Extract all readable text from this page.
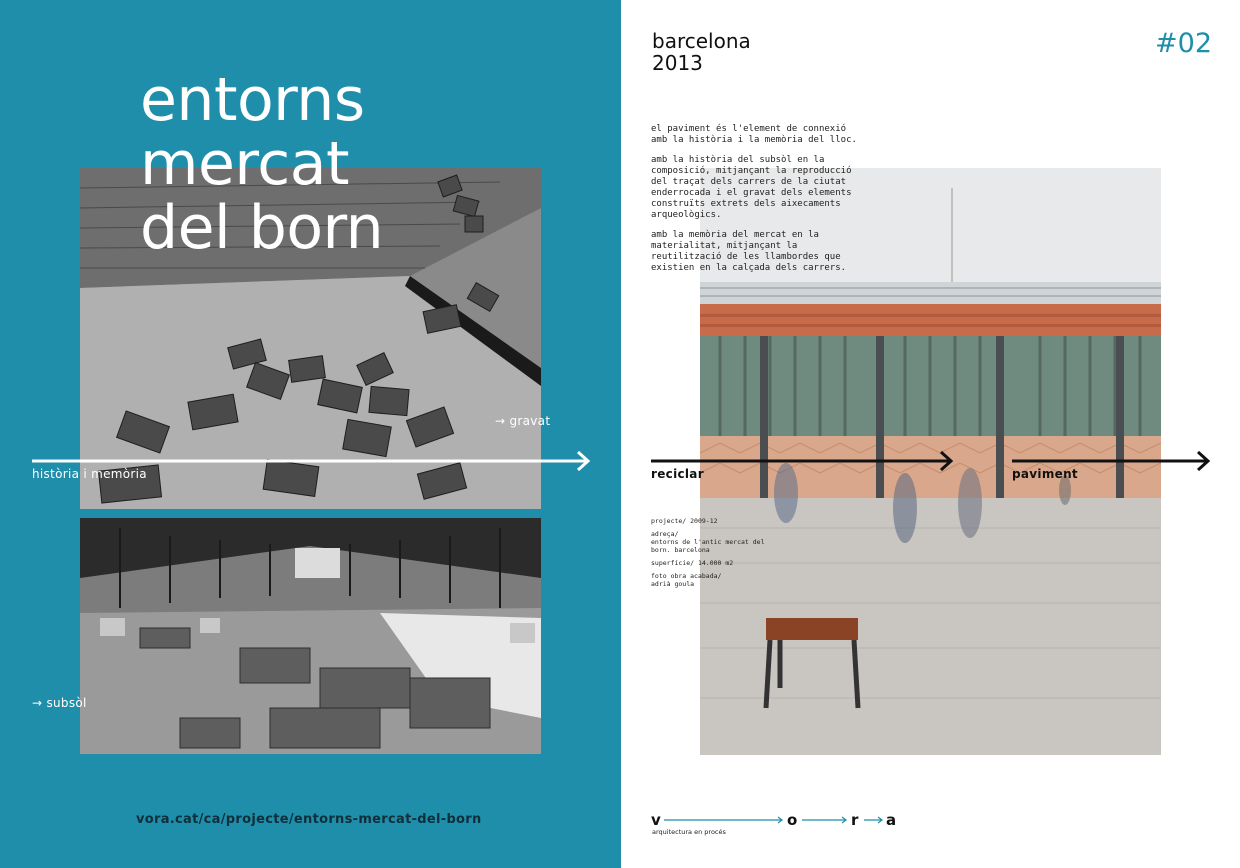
entorns
mercat
del born
→ gravat
història i memòria
→ subsòl
vora.cat/ca/projecte/entorns-mercat-del-born
barcelona
2013
#02

el paviment és l'element de connexió amb la història i la memòria del lloc.

amb la història del subsòl en la composició, mitjançant la reproducció del traçat dels carrers de la ciutat enderrocada i el gravat dels elements construïts extrets dels aixecaments arqueològics.

amb la memòria del mercat en la materialitat, mitjançant la reutilització de les llambordes que existien en la calçada dels carrers.

reciclar	paviment

projecte/ 2009-12

adreça/
entorns de l'antic mercat del born. barcelona

superfície/ 14.000 m2

foto obra acabada/
adrià goula

v	o	r a
arquitectura en procés
